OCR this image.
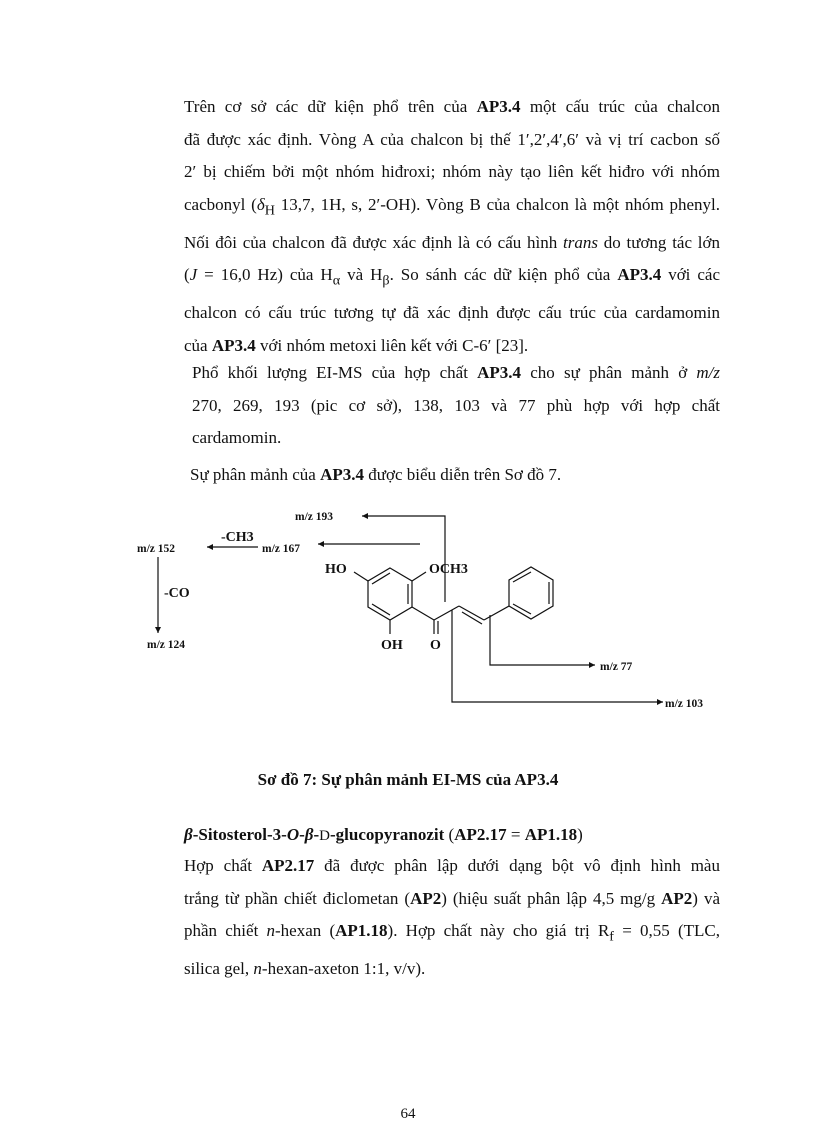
Trên cơ sở các dữ kiện phổ trên của AP3.4 một cấu trúc của chalcon
đã được xác định. Vòng A của chalcon bị thế 1′,2′,4′,6′ và vị trí cacbon số
2′ bị chiếm bởi một nhóm hiđroxi; nhóm này tạo liên kết hiđro với nhóm
cacbonyl ($\delta_H$ 13,7, 1H, s, 2′-OH). Vòng B của chalcon là một nhóm phenyl.
Nối đôi của chalcon đã được xác định là có cấu hình trans do tương tác lớn
(J = 16,0 Hz) của $H_\alpha$ và $H_\beta$. So sánh các dữ kiện phổ của AP3.4 với các
chalcon có cấu trúc tương tự đã xác định được cấu trúc của cardamomin
của AP3.4 với nhóm metoxi liên kết với C-6′ [23].
Phổ khối lượng EI-MS của hợp chất AP3.4 cho sự phân mảnh ở m/z
270, 269, 193 (pic cơ sở), 138, 103 và 77 phù hợp với hợp chất
cardamomin.

Sự phân mảnh của AP3.4 được biểu diễn trên Sơ đồ 7.

m/z 193
-CH3
m/z 167
m/z 152
-CO
m/z 124
HO	OCH3
OH O
m/z 77
m/z 103

Sơ đồ 7: Sự phân mảnh EI-MS của AP3.4

β-Sitosterol-3-O-β-D-glucopyranozit (AP2.17 = AP1.18)

Hợp chất AP2.17 đã được phân lập dưới dạng bột vô định hình màu
trắng từ phần chiết điclometan (AP2) (hiệu suất phân lập 4,5 mg/g AP2) và
phần chiết n-hexan (AP1.18). Hợp chất này cho giá trị $R_f = 0,55$ (TLC,
silica gel, n-hexan-axeton 1:1, v/v).
64
